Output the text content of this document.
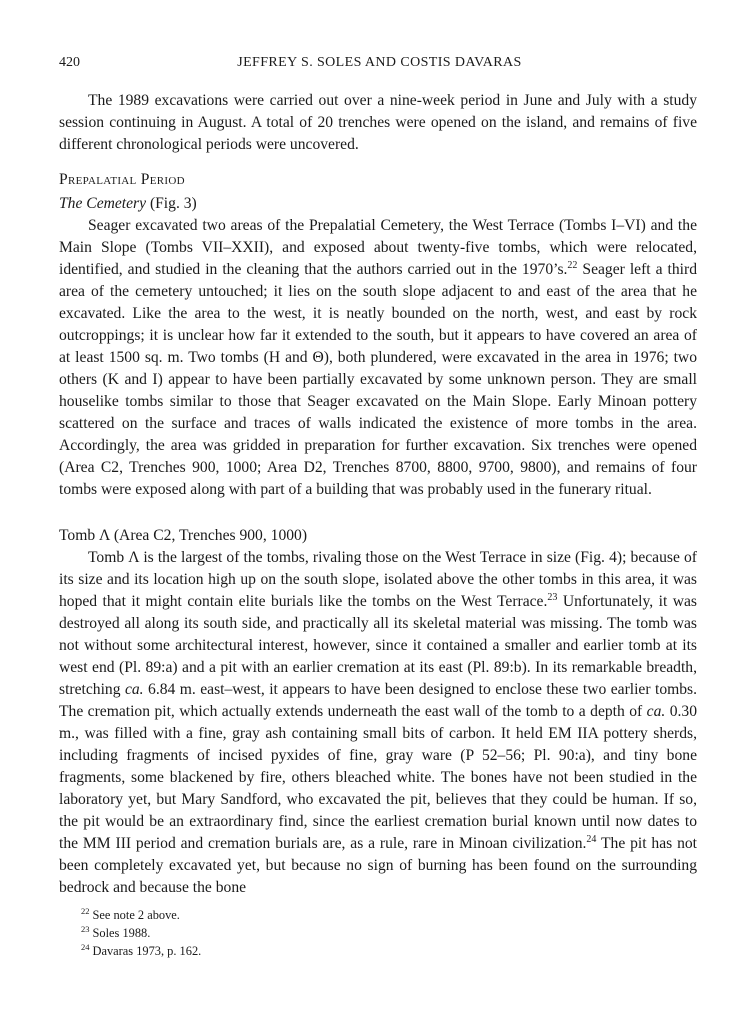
420	JEFFREY S. SOLES AND COSTIS DAVARAS

The 1989 excavations were carried out over a nine-week period in June and July with a study session continuing in August. A total of 20 trenches were opened on the island, and remains of five different chronological periods were uncovered.

Prepalatial Period
The Cemetery (Fig. 3)

Seager excavated two areas of the Prepalatial Cemetery, the West Terrace (Tombs I–VI) and the Main Slope (Tombs VII–XXII), and exposed about twenty-five tombs, which were relocated, identified, and studied in the cleaning that the authors carried out in the 1970’s.$^{22}$ Seager left a third area of the cemetery untouched; it lies on the south slope adjacent to and east of the area that he excavated. Like the area to the west, it is neatly bounded on the north, west, and east by rock outcroppings; it is unclear how far it extended to the south, but it appears to have covered an area of at least 1500 sq. m. Two tombs (H and Θ), both plundered, were excavated in the area in 1976; two others (K and I) appear to have been partially excavated by some unknown person. They are small houselike tombs similar to those that Seager excavated on the Main Slope. Early Minoan pottery scattered on the surface and traces of walls indicated the existence of more tombs in the area. Accordingly, the area was gridded in preparation for further excavation. Six trenches were opened (Area C2, Trenches 900, 1000; Area D2, Trenches 8700, 8800, 9700, 9800), and remains of four tombs were exposed along with part of a building that was probably used in the funerary ritual.

Tomb Λ (Area C2, Trenches 900, 1000)

Tomb Λ is the largest of the tombs, rivaling those on the West Terrace in size (Fig. 4); because of its size and its location high up on the south slope, isolated above the other tombs in this area, it was hoped that it might contain elite burials like the tombs on the West Terrace.$^{23}$ Unfortunately, it was destroyed all along its south side, and practically all its skeletal material was missing. The tomb was not without some architectural interest, however, since it contained a smaller and earlier tomb at its west end (Pl. 89:a) and a pit with an earlier cremation at its east (Pl. 89:b). In its remarkable breadth, stretching ca. 6.84 m. east–west, it appears to have been designed to enclose these two earlier tombs. The cremation pit, which actually extends underneath the east wall of the tomb to a depth of ca. 0.30 m., was filled with a fine, gray ash containing small bits of carbon. It held EM IIA pottery sherds, including fragments of incised pyxides of fine, gray ware (P 52–56; Pl. 90:a), and tiny bone fragments, some blackened by fire, others bleached white. The bones have not been studied in the laboratory yet, but Mary Sandford, who excavated the pit, believes that they could be human. If so, the pit would be an extraordinary find, since the earliest cremation burial known until now dates to the MM III period and cremation burials are, as a rule, rare in Minoan civilization.$^{24}$ The pit has not been completely excavated yet, but because no sign of burning has been found on the surrounding bedrock and because the bone

$^{22}$ See note 2 above.

$^{23}$ Soles 1988.

$^{24}$ Davaras 1973, p. 162.
